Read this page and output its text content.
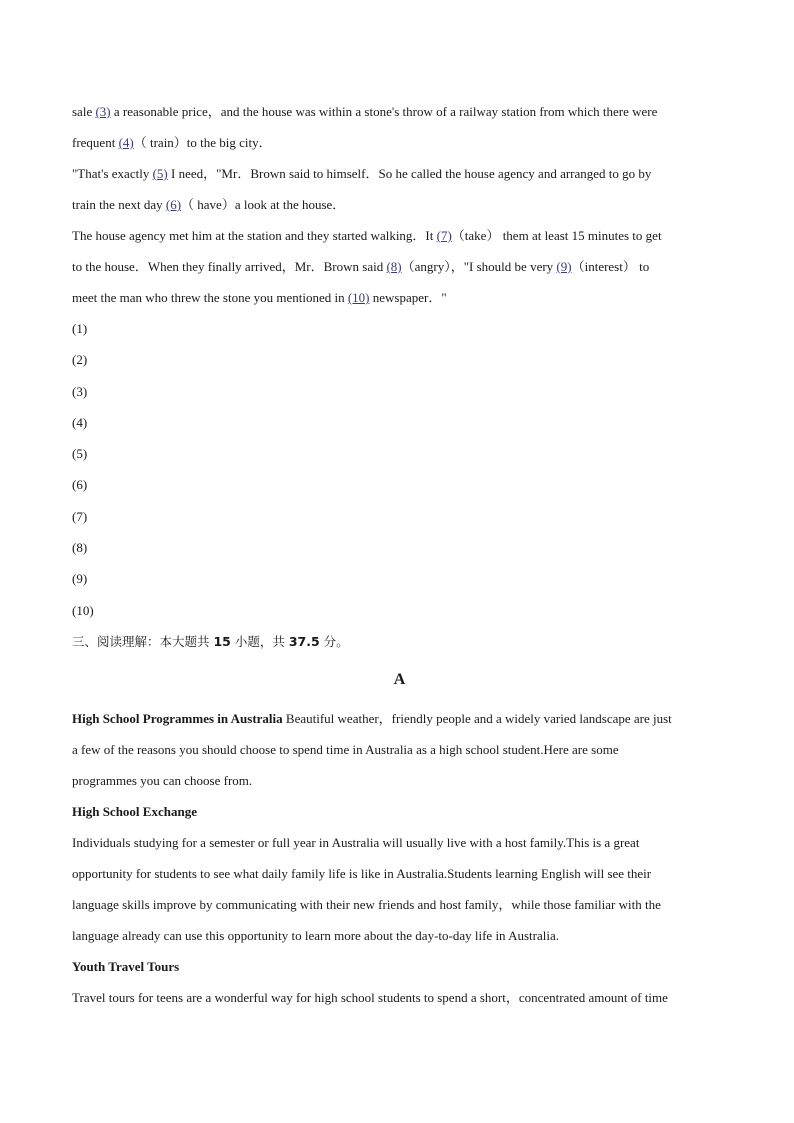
sale (3) a reasonable price，and the house was within a stone's throw of a railway station from which there were
frequent (4)（ train）to the big city．
"That's exactly (5) I need，"Mr．Brown said to himself．So he called the house agency and arranged to go by
train the next day (6)（ have）a look at the house．
The house agency met him at the station and they started walking．It (7)（take） them at least 15 minutes to get
to the house．When they finally arrived，Mr．Brown said (8)（angry），"I should be very (9)（interest） to
meet the man who threw the stone you mentioned in (10) newspaper．"
(1)
(2)
(3)
(4)
(5)
(6)
(7)
(8)
(9)
(10)
三、阅读理解：本大题共 15 小题，共 37.5 分。
A
High School Programmes in Australia Beautiful weather，friendly people and a widely varied landscape are just
a few of the reasons you should choose to spend time in Australia as a high school student.Here are some
programmes you can choose from.
High School Exchange
Individuals studying for a semester or full year in Australia will usually live with a host family.This is a great
opportunity for students to see what daily family life is like in Australia.Students learning English will see their
language skills improve by communicating with their new friends and host family，while those familiar with the
language already can use this opportunity to learn more about the day-to-day life in Australia.
Youth Travel Tours
Travel tours for teens are a wonderful way for high school students to spend a short，concentrated amount of time
